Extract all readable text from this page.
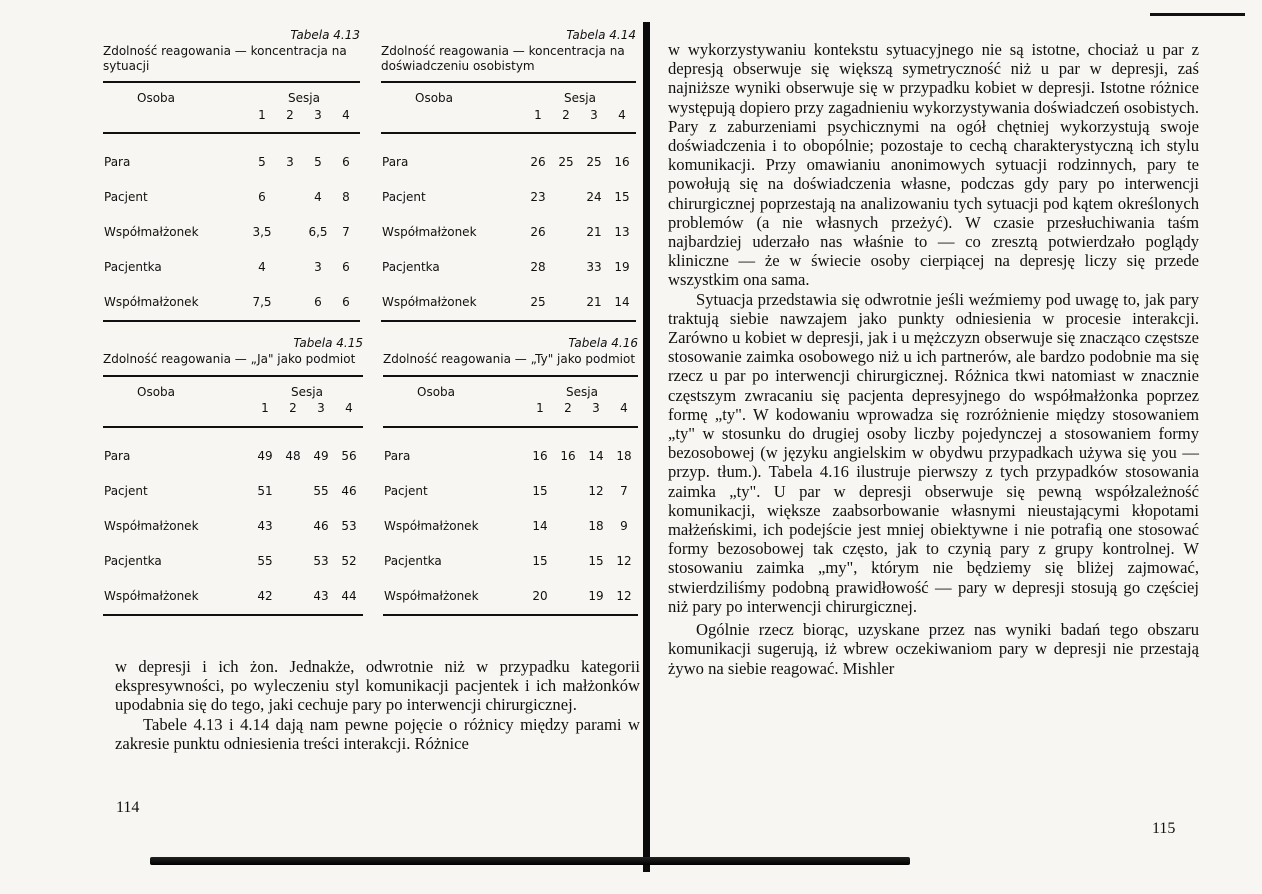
Tabela 4.13
Zdolność reagowania — koncentracja na sytuacji
Osoba	Sesja			
	1	2	3	4
Para	5	3	5	6
Pacjent	6		4	8
Współmałżonek	3,5		6,5	7
Pacjentka	4		3	6
Współmałżonek	7,5		6	6
Tabela 4.14
Zdolność reagowania — koncentracja na doświadczeniu osobistym
Osoba	Sesja			
	1	2	3	4
Para	26	25	25	16
Pacjent	23		24	15
Współmałżonek	26		21	13
Pacjentka	28		33	19
Współmałżonek	25		21	14
Tabela 4.15
Zdolność reagowania — „Ja" jako podmiot
Osoba	Sesja			
	1	2	3	4
Para	49	48	49	56
Pacjent	51		55	46
Współmałżonek	43		46	53
Pacjentka	55		53	52
Współmałżonek	42		43	44
Tabela 4.16
Zdolność reagowania — „Ty" jako podmiot
Osoba	Sesja			
	1	2	3	4
Para	16	16	14	18
Pacjent	15		12	7
Współmałżonek	14		18	9
Pacjentka	15		15	12
Współmałżonek	20		19	12

w depresji i ich żon. Jednakże, odwrotnie niż w przypadku kategorii ekspresywności, po wyleczeniu styl komunikacji pacjentek i ich małżonków upodabnia się do tego, jaki cechuje pary po interwencji chirurgicznej.

Tabele 4.13 i 4.14 dają nam pewne pojęcie o różnicy między parami w zakresie punktu odniesienia treści interakcji. Różnice

114

w wykorzystywaniu kontekstu sytuacyjnego nie są istotne, chociaż u par z depresją obserwuje się większą symetryczność niż u par w depresji, zaś najniższe wyniki obserwuje się w przypadku kobiet w depresji. Istotne różnice występują dopiero przy zagadnieniu wykorzystywania doświadczeń osobistych. Pary z zaburzeniami psychicznymi na ogół chętniej wykorzystują swoje doświadczenia i to obopólnie; pozostaje to cechą charakterystyczną ich stylu komunikacji. Przy omawianiu anonimowych sytuacji rodzinnych, pary te powołują się na doświadczenia własne, podczas gdy pary po interwencji chirurgicznej poprzestają na analizowaniu tych sytuacji pod kątem określonych problemów (a nie własnych przeżyć). W czasie przesłuchiwania taśm najbardziej uderzało nas właśnie to — co zresztą potwierdzało poglądy kliniczne — że w świecie osoby cierpiącej na depresję liczy się przede wszystkim ona sama.

Sytuacja przedstawia się odwrotnie jeśli weźmiemy pod uwagę to, jak pary traktują siebie nawzajem jako punkty odniesienia w procesie interakcji. Zarówno u kobiet w depresji, jak i u mężczyzn obserwuje się znacząco częstsze stosowanie zaimka osobowego niż u ich partnerów, ale bardzo podobnie ma się rzecz u par po interwencji chirurgicznej. Różnica tkwi natomiast w znacznie częstszym zwracaniu się pacjenta depresyjnego do współmałżonka poprzez formę „ty". W kodowaniu wprowadza się rozróżnienie między stosowaniem „ty" w stosunku do drugiej osoby liczby pojedynczej a stosowaniem formy bezosobowej (w języku angielskim w obydwu przypadkach używa się you — przyp. tłum.). Tabela 4.16 ilustruje pierwszy z tych przypadków stosowania zaimka „ty". U par w depresji obserwuje się pewną współzależność komunikacji, większe zaabsorbowanie własnymi nieustającymi kłopotami małżeńskimi, ich podejście jest mniej obiektywne i nie potrafią one stosować formy bezosobowej tak często, jak to czynią pary z grupy kontrolnej. W stosowaniu zaimka „my", którym nie będziemy się bliżej zajmować, stwierdziliśmy podobną prawidłowość — pary w depresji stosują go częściej niż pary po interwencji chirurgicznej.

Ogólnie rzecz biorąc, uzyskane przez nas wyniki badań tego obszaru komunikacji sugerują, iż wbrew oczekiwaniom pary w depresji nie przestają żywo na siebie reagować. Mishler

115
